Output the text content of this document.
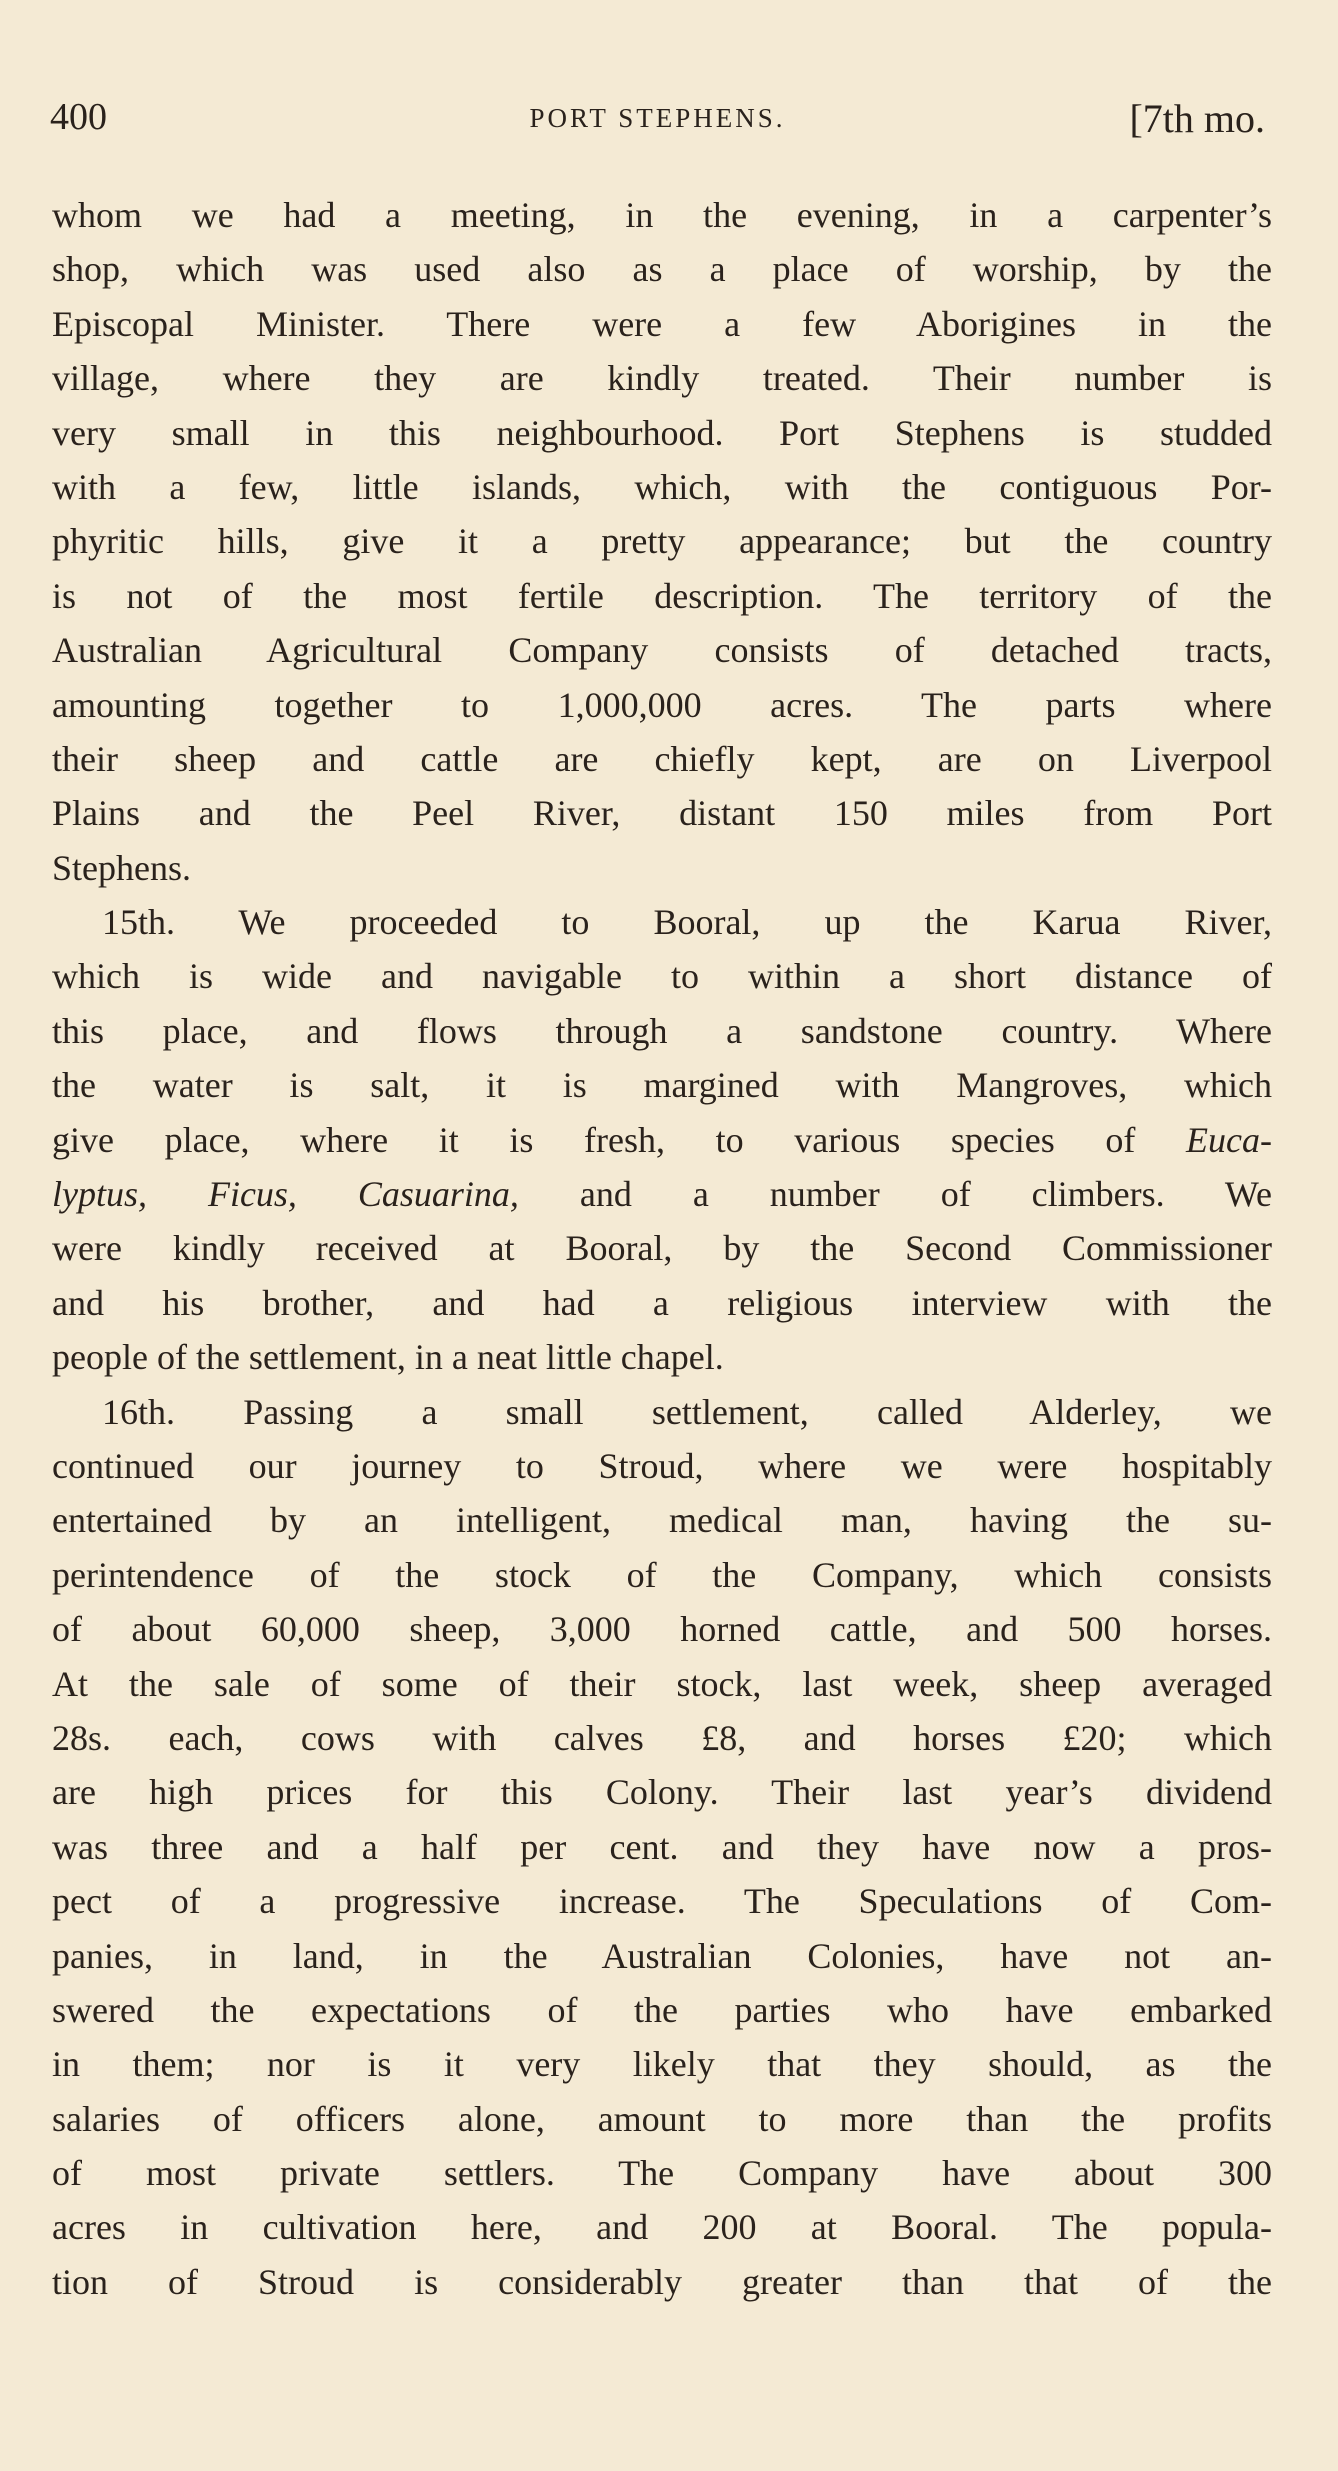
400	PORT STEPHENS.	[7th mo.
whom we had a meeting, in the evening, in a carpenter’s
shop, which was used also as a place of worship, by the
Episcopal Minister. There were a few Aborigines in the
village, where they are kindly treated. Their number is
very small in this neighbourhood. Port Stephens is studded
with a few, little islands, which, with the contiguous Por-
phyritic hills, give it a pretty appearance; but the country
is not of the most fertile description. The territory of the
Australian Agricultural Company consists of detached tracts,
amounting together to 1,000,000 acres. The parts where
their sheep and cattle are chiefly kept, are on Liverpool
Plains and the Peel River, distant 150 miles from Port
Stephens.
15th. We proceeded to Booral, up the Karua River,
which is wide and navigable to within a short distance of
this place, and flows through a sandstone country. Where
the water is salt, it is margined with Mangroves, which
give place, where it is fresh, to various species of Euca-
lyptus, Ficus, Casuarina, and a number of climbers. We
were kindly received at Booral, by the Second Commissioner
and his brother, and had a religious interview with the
people of the settlement, in a neat little chapel.
16th. Passing a small settlement, called Alderley, we
continued our journey to Stroud, where we were hospitably
entertained by an intelligent, medical man, having the su-
perintendence of the stock of the Company, which consists
of about 60,000 sheep, 3,000 horned cattle, and 500 horses.
At the sale of some of their stock, last week, sheep averaged
28s. each, cows with calves £8, and horses £20; which
are high prices for this Colony. Their last year’s dividend
was three and a half per cent. and they have now a pros-
pect of a progressive increase. The Speculations of Com-
panies, in land, in the Australian Colonies, have not an-
swered the expectations of the parties who have embarked
in them; nor is it very likely that they should, as the
salaries of officers alone, amount to more than the profits
of most private settlers. The Company have about 300
acres in cultivation here, and 200 at Booral. The popula-
tion of Stroud is considerably greater than that of the
